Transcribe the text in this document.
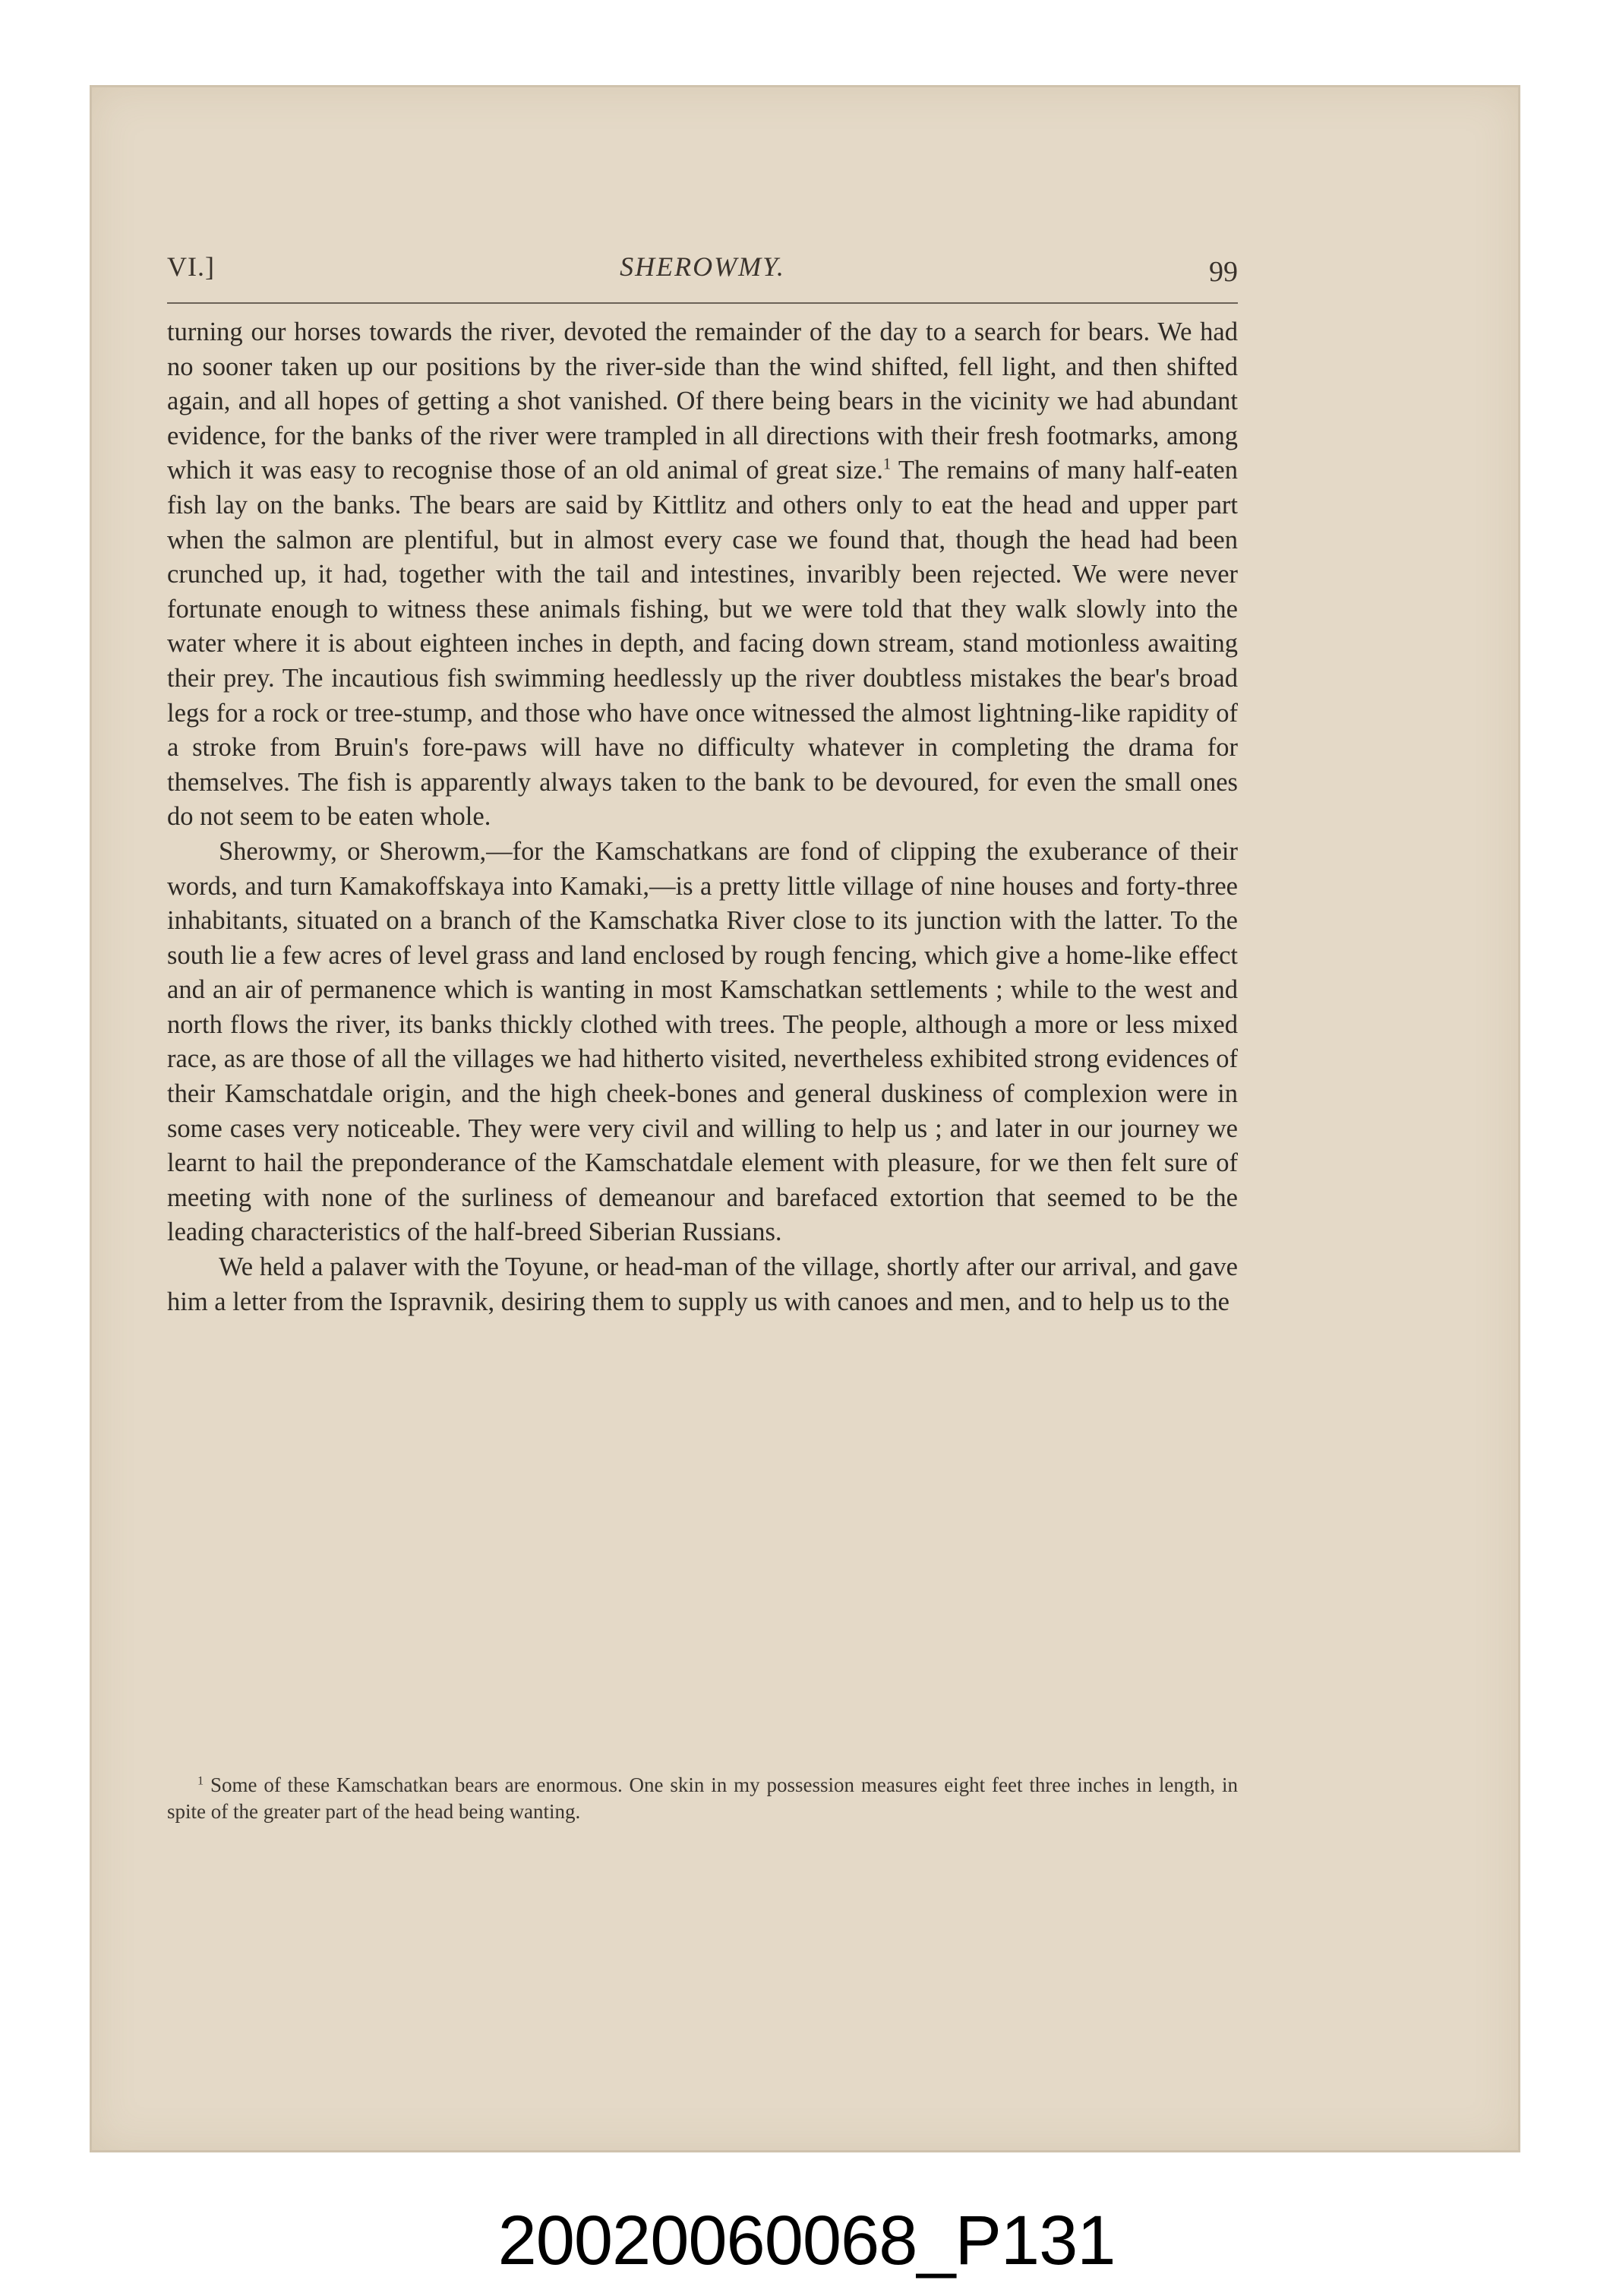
VI.]	SHEROWMY.	99

turning our horses towards the river, devoted the remainder of the day to a search for bears. We had no sooner taken up our positions by the river-side than the wind shifted, fell light, and then shifted again, and all hopes of getting a shot vanished. Of there being bears in the vicinity we had abundant evidence, for the banks of the river were trampled in all directions with their fresh footmarks, among which it was easy to recognise those of an old animal of great size.$^1$ The remains of many half-eaten fish lay on the banks. The bears are said by Kittlitz and others only to eat the head and upper part when the salmon are plentiful, but in almost every case we found that, though the head had been crunched up, it had, together with the tail and intestines, invaribly been rejected. We were never fortunate enough to witness these animals fishing, but we were told that they walk slowly into the water where it is about eighteen inches in depth, and facing down stream, stand motionless awaiting their prey. The incautious fish swimming heedlessly up the river doubtless mistakes the bear's broad legs for a rock or tree-stump, and those who have once witnessed the almost lightning-like rapidity of a stroke from Bruin's fore-paws will have no difficulty whatever in completing the drama for themselves. The fish is apparently always taken to the bank to be devoured, for even the small ones do not seem to be eaten whole.

Sherowmy, or Sherowm,—for the Kamschatkans are fond of clipping the exuberance of their words, and turn Kamakoffskaya into Kamaki,—is a pretty little village of nine houses and forty-three inhabitants, situated on a branch of the Kamschatka River close to its junction with the latter. To the south lie a few acres of level grass and land enclosed by rough fencing, which give a home-like effect and an air of permanence which is wanting in most Kamschatkan settlements ; while to the west and north flows the river, its banks thickly clothed with trees. The people, although a more or less mixed race, as are those of all the villages we had hitherto visited, nevertheless exhibited strong evidences of their Kamschatdale origin, and the high cheek-bones and general duskiness of complexion were in some cases very noticeable. They were very civil and willing to help us ; and later in our journey we learnt to hail the preponderance of the Kamschatdale element with pleasure, for we then felt sure of meeting with none of the surliness of demeanour and barefaced extortion that seemed to be the leading characteristics of the half-breed Siberian Russians.

We held a palaver with the Toyune, or head-man of the village, shortly after our arrival, and gave him a letter from the Ispravnik, desiring them to supply us with canoes and men, and to help us to the

$^1$ Some of these Kamschatkan bears are enormous. One skin in my possession measures eight feet three inches in length, in spite of the greater part of the head being wanting.
20020060068_P131
